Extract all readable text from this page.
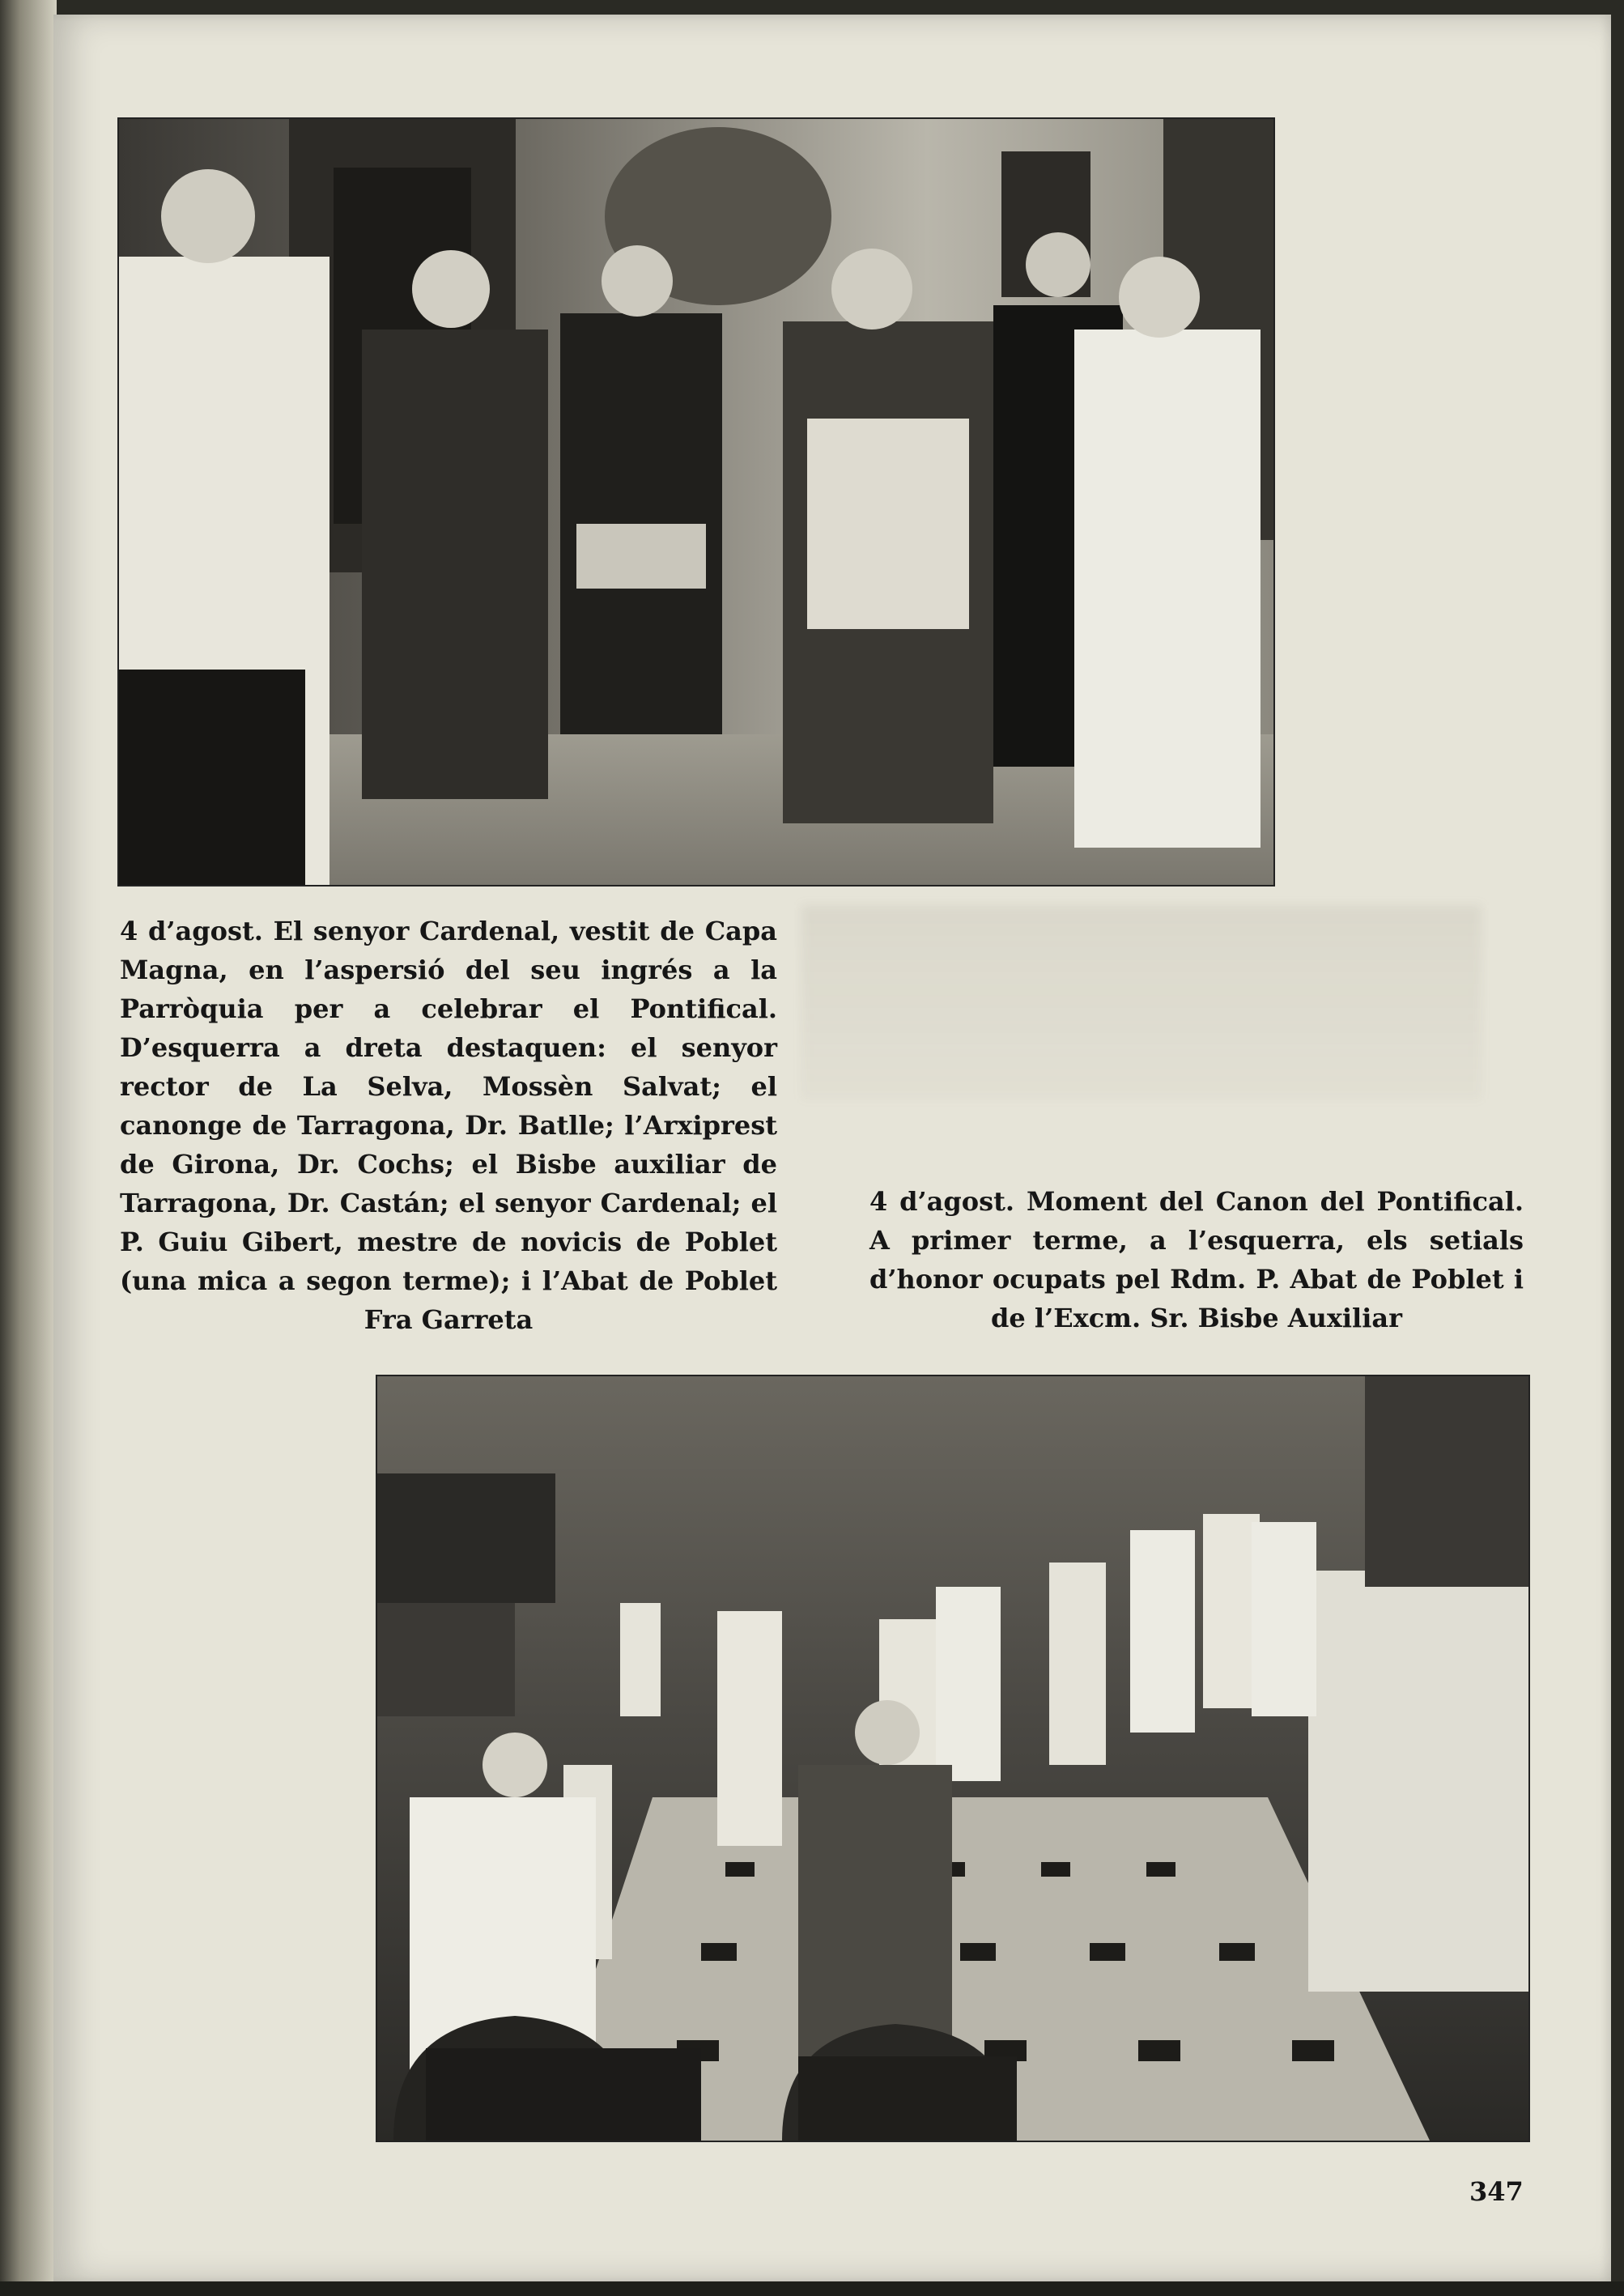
4 d’agost. El senyor Cardenal, vestit de Capa Magna, en l’aspersió del seu ingrés a la Parròquia per a celebrar el Pontifical. D’esquerra a dreta destaquen: el senyor rector de La Selva, Mossèn Salvat; el canonge de Tarragona, Dr. Batlle; l’Arxiprest de Girona, Dr. Cochs; el Bisbe auxiliar de Tarragona, Dr. Castán; el senyor Cardenal; el P. Guiu Gibert, mestre de novicis de Poblet (una mica a segon terme); i l’Abat de Poblet Fra Garreta

4 d’agost. Moment del Canon del Pontifical. A primer terme, a l’esquerra, els setials d’honor ocupats pel Rdm. P. Abat de Poblet i de l’Excm. Sr. Bisbe Auxiliar

347
